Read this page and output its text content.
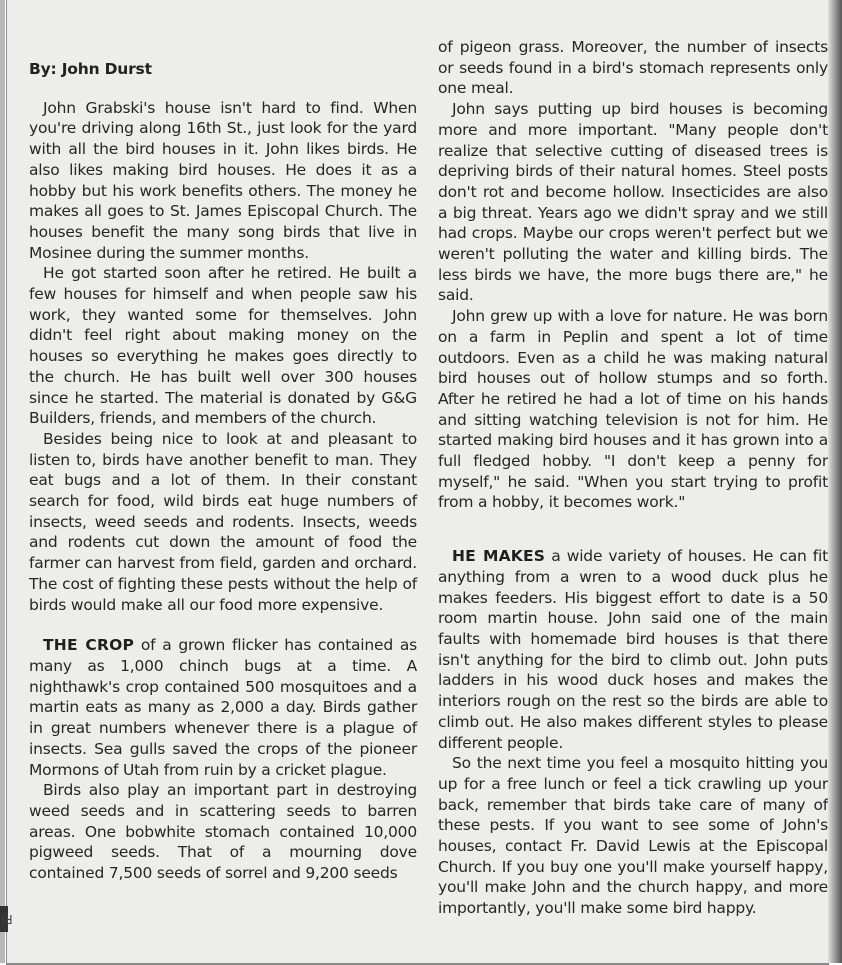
By: John Durst

John Grabski's house isn't hard to find. When you're driving along 16th St., just look for the yard with all the bird houses in it. John likes birds. He also likes making bird houses. He does it as a hobby but his work benefits others. The money he makes all goes to St. James Episcopal Church. The houses benefit the many song birds that live in Mosinee during the summer months.

He got started soon after he retired. He built a few houses for himself and when people saw his work, they wanted some for themselves. John didn't feel right about making money on the houses so everything he makes goes directly to the church. He has built well over 300 houses since he started. The material is donated by G&G Builders, friends, and members of the church.

Besides being nice to look at and pleasant to listen to, birds have another benefit to man. They eat bugs and a lot of them. In their constant search for food, wild birds eat huge numbers of insects, weed seeds and rodents. Insects, weeds and rodents cut down the amount of food the farmer can harvest from field, garden and orchard. The cost of fighting these pests without the help of birds would make all our food more expensive.

THE CROP of a grown flicker has contained as many as 1,000 chinch bugs at a time. A nighthawk's crop contained 500 mosquitoes and a martin eats as many as 2,000 a day. Birds gather in great numbers whenever there is a plague of insects. Sea gulls saved the crops of the pioneer Mormons of Utah from ruin by a cricket plague.

Birds also play an important part in destroying weed seeds and in scattering seeds to barren areas. One bobwhite stomach contained 10,000 pigweed seeds. That of a mourning dove contained 7,500 seeds of sorrel and 9,200 seeds

of pigeon grass. Moreover, the number of insects or seeds found in a bird's stomach represents only one meal.

John says putting up bird houses is becoming more and more important. "Many people don't realize that selective cutting of diseased trees is depriving birds of their natural homes. Steel posts don't rot and become hollow. Insecticides are also a big threat. Years ago we didn't spray and we still had crops. Maybe our crops weren't perfect but we weren't polluting the water and killing birds. The less birds we have, the more bugs there are," he said.

John grew up with a love for nature. He was born on a farm in Peplin and spent a lot of time outdoors. Even as a child he was making natural bird houses out of hollow stumps and so forth. After he retired he had a lot of time on his hands and sitting watching television is not for him. He started making bird houses and it has grown into a full fledged hobby. "I don't keep a penny for myself," he said. "When you start trying to profit from a hobby, it becomes work."

HE MAKES a wide variety of houses. He can fit anything from a wren to a wood duck plus he makes feeders. His biggest effort to date is a 50 room martin house. John said one of the main faults with homemade bird houses is that there isn't anything for the bird to climb out. John puts ladders in his wood duck hoses and makes the interiors rough on the rest so the birds are able to climb out. He also makes different styles to please different people.

So the next time you feel a mosquito hitting you up for a free lunch or feel a tick crawling up your back, remember that birds take care of many of these pests. If you want to see some of John's houses, contact Fr. David Lewis at the Episcopal Church. If you buy one you'll make yourself happy, you'll make John and the church happy, and more importantly, you'll make some bird happy.

Ri
